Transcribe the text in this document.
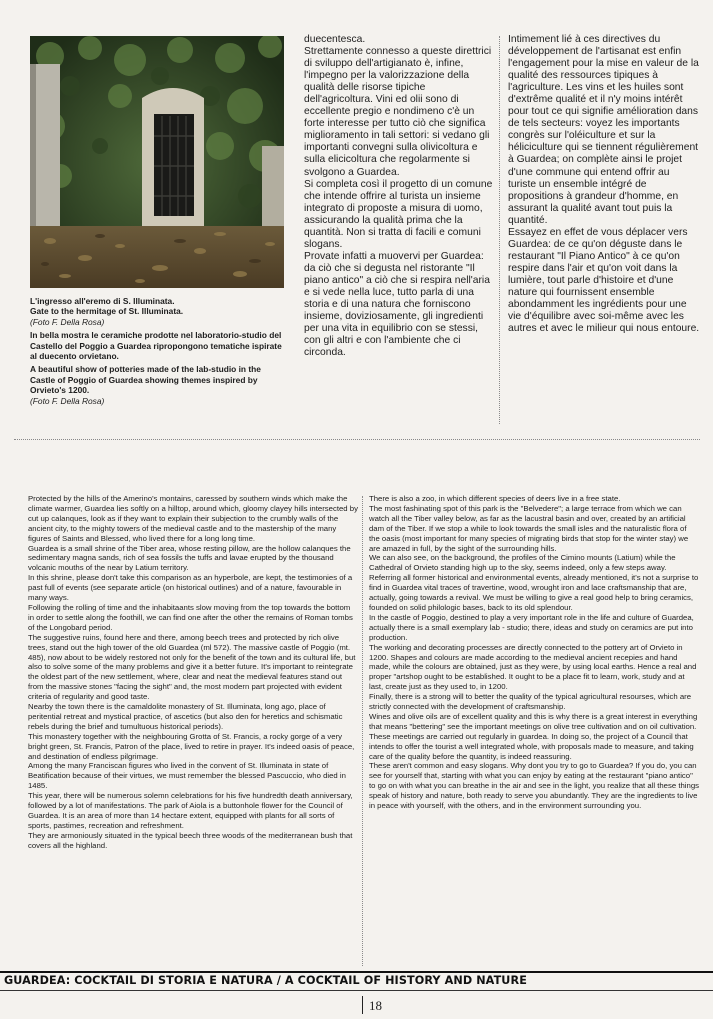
L'ingresso all'eremo di S. Illuminata.

Gate to the hermitage of St. Illuminata.

(Foto F. Della Rosa)

In bella mostra le ceramiche prodotte nel laboratorio-studio del Castello del Poggio a Guardea ripropongono tematiche ispirate al duecento orvietano.

A beautiful show of potteries made of the lab-studio in the Castle of Poggio of Guardea showing themes inspired by Orvieto's 1200.

(Foto F. Della Rosa)

duecentesca.

Strettamente connesso a queste direttrici di sviluppo dell'artigianato è, infine, l'impegno per la valorizzazione della qualità delle risorse tipiche dell'agricoltura. Vini ed olii sono di eccellente pregio e nondimeno c'è un forte interesse per tutto ciò che significa miglioramento in tali settori: si vedano gli importanti convegni sulla olivicoltura e sulla elicicoltura che regolarmente si svolgono a Guardea.

Si completa così il progetto di un comune che intende offrire al turista un insieme integrato di proposte a misura di uomo, assicurando la qualità prima che la quantità. Non si tratta di facili e comuni slogans.

Provate infatti a muovervi per Guardea: da ciò che si degusta nel ristorante "Il piano antico" a ciò che si respira nell'aria e si vede nella luce, tutto parla di una storia e di una natura che forniscono insieme, doviziosamente, gli ingredienti per una vita in equilibrio con se stessi, con gli altri e con l'ambiente che ci circonda.

Intimement lié à ces directives du développement de l'artisanat est enfin l'engagement pour la mise en valeur de la qualité des ressources tipiques à l'agriculture. Les vins et les huiles sont d'extrême qualité et il n'y moins intérêt pour tout ce qui signifie amélioration dans de tels secteurs: voyez les importants congrès sur l'oléiculture et sur la héliciculture qui se tiennent régulièrement à Guardea; on complète ainsi le projet d'une commune qui entend offrir au turiste un ensemble intégré de propositions à grandeur d'homme, en assurant la qualité avant tout puis la quantité.

Essayez en effet de vous déplacer vers Guardea: de ce qu'on déguste dans le restaurant "Il Piano Antico" à ce qu'on respire dans l'air et qu'on voit dans la lumière, tout parle d'histoire et d'une nature qui fournissent ensemble abondamment les ingrédients pour une vie d'équilibre avec soi-même avec les autres et avec le milieur qui nous entoure.

Protected by the hills of the Amerino's montains, caressed by southern winds which make the climate warmer, Guardea lies softly on a hilltop, around which, gloomy clayey hills intersected by cut up calanques, look as if they want to explain their subjection to the crumbly walls of the ancient city, to the mighty towers of the medieval castle and to the mastership of the many figures of Saints and Blessed, who lived there for a long long time.

Guardea is a small shrine of the Tiber area, whose resting pillow, are the hollow calanques the sedimentary magna sands, rich of sea fossils the tuffs and lavae erupted by the thousand volcanic mouths of the near by Latium territory.

In this shrine, please don't take this comparison as an hyperbole, are kept, the testimonies of a past full of events (see separate article (on historical outlines) and of a nature, favourable in many ways.

Following the rolling of time and the inhabitaants slow moving from the top towards the bottom in order to settle along the foothill, we can find one after the other the remains of Roman tombs of the Longobard period.

The suggestive ruins, found here and there, among beech trees and protected by rich olive trees, stand out the high tower of the old Guardea (ml 572). The massive castle of Poggio (mt. 485), now about to be widely restored not only for the benefit of the town and its cultural life, but also to solve some of the many problems and give it a better future. It's important to reintegrate the oldest part of the new settlement, where, clear and neat the medieval features stand out from the massive stones "facing the sight" and, the most modern part projected with evident criteria of regularity and good taste.

Nearby the town there is the camaldolite monastery of St. Illuminata, long ago, place of peritential retreat and mystical practice, of ascetics (but also den for heretics and schismatic rebels during the brief and tumultuous historical periods).

This monastery together with the neighbouring Grotta of St. Francis, a rocky gorge of a very bright green, St. Francis, Patron of the place, lived to retire in prayer. It's indeed oasis of peace, and destination of endless pilgrimage.

Among the many Franciscan figures who lived in the convent of St. Illuminata in state of Beatification because of their virtues, we must remember the blessed Pascuccio, who died in 1485.

This year, there will be numerous solemn celebrations for his five hundredth death anniversary, followed by a lot of manifestations. The park of Aiola is a buttonhole flower for the Council of Guardea. It is an area of more than 14 hectare extent, equipped with plants for all sorts of sports, pastimes, recreation and refreshment.

They are armoniously situated in the typical beech three woods of the mediterranean bush that covers all the highland.

There is also a zoo, in which different species of deers live in a free state.

The most fashinating spot of this park is the "Belvedere"; a large terrace from which we can watch all the Tiber valley below, as far as the lacustral basin and over, created by an artificial dam of the Tiber. If we stop a while to look towards the small isles and the naturalistic flora of the oasis (most important for many species of migrating birds that stop for the winter stay) we are amazed in full, by the sight of the surrounding hills.

We can also see, on the background, the profiles of the Cimino mounts (Latium) while the Cathedral of Orvieto standing high up to the sky, seems indeed, only a few steps away. Referring all former historical and environmental events, already mentioned, it's not a surprise to find in Guardea vital traces of travertine, wood, wrought iron and lace craftsmanship that are, actually, going towards a revival. We must be willing to give a real good help to bring ceramics, founded on solid philologic bases, back to its old splendour.

In the castle of Poggio, destined to play a very important role in the life and culture of Guardea, actually there is a small exemplary lab - studio; there, ideas and study on ceramics are put into production.

The working and decorating processes are directly connected to the pottery art of Orvieto in 1200. Shapes and colours are made according to the medieval ancient recepies and hand made, while the colours are obtained, just as they were, by using local earths. Hence a real and proper "artshop ought to be established. It ought to be a place fit to learn, work, study and at last, create just as they used to, in 1200.

Finally, there is a strong will to better the quality of the typical agricultural resourses, which are strictly connected with the development of craftsmanship.

Wines and olive oils are of excellent quality and this is why there is a great interest in everything that means "bettering" see the important meetings on olive tree cultivation and on oil cultivation.

These meetings are carried out regularly in guardea. In doing so, the project of a Council that intends to offer the tourist a well integrated whole, with proposals made to measure, and taking care of the quality before the quantity, is indeed reassuring.

These aren't common and easy slogans. Why dont you try to go to Guardea? If you do, you can see for yourself that, starting with what you can enjoy by eating at the restaurant "piano antico" to go on with what you can breathe in the air and see in the light, you realize that all these things speak of history and nature, both ready to serve you abundantly. They are the ingredients to live in peace with yourself, with the others, and in the environment surrounding you.

GUARDEA: COCKTAIL DI STORIA E NATURA / A COCKTAIL OF HISTORY AND NATURE
18
